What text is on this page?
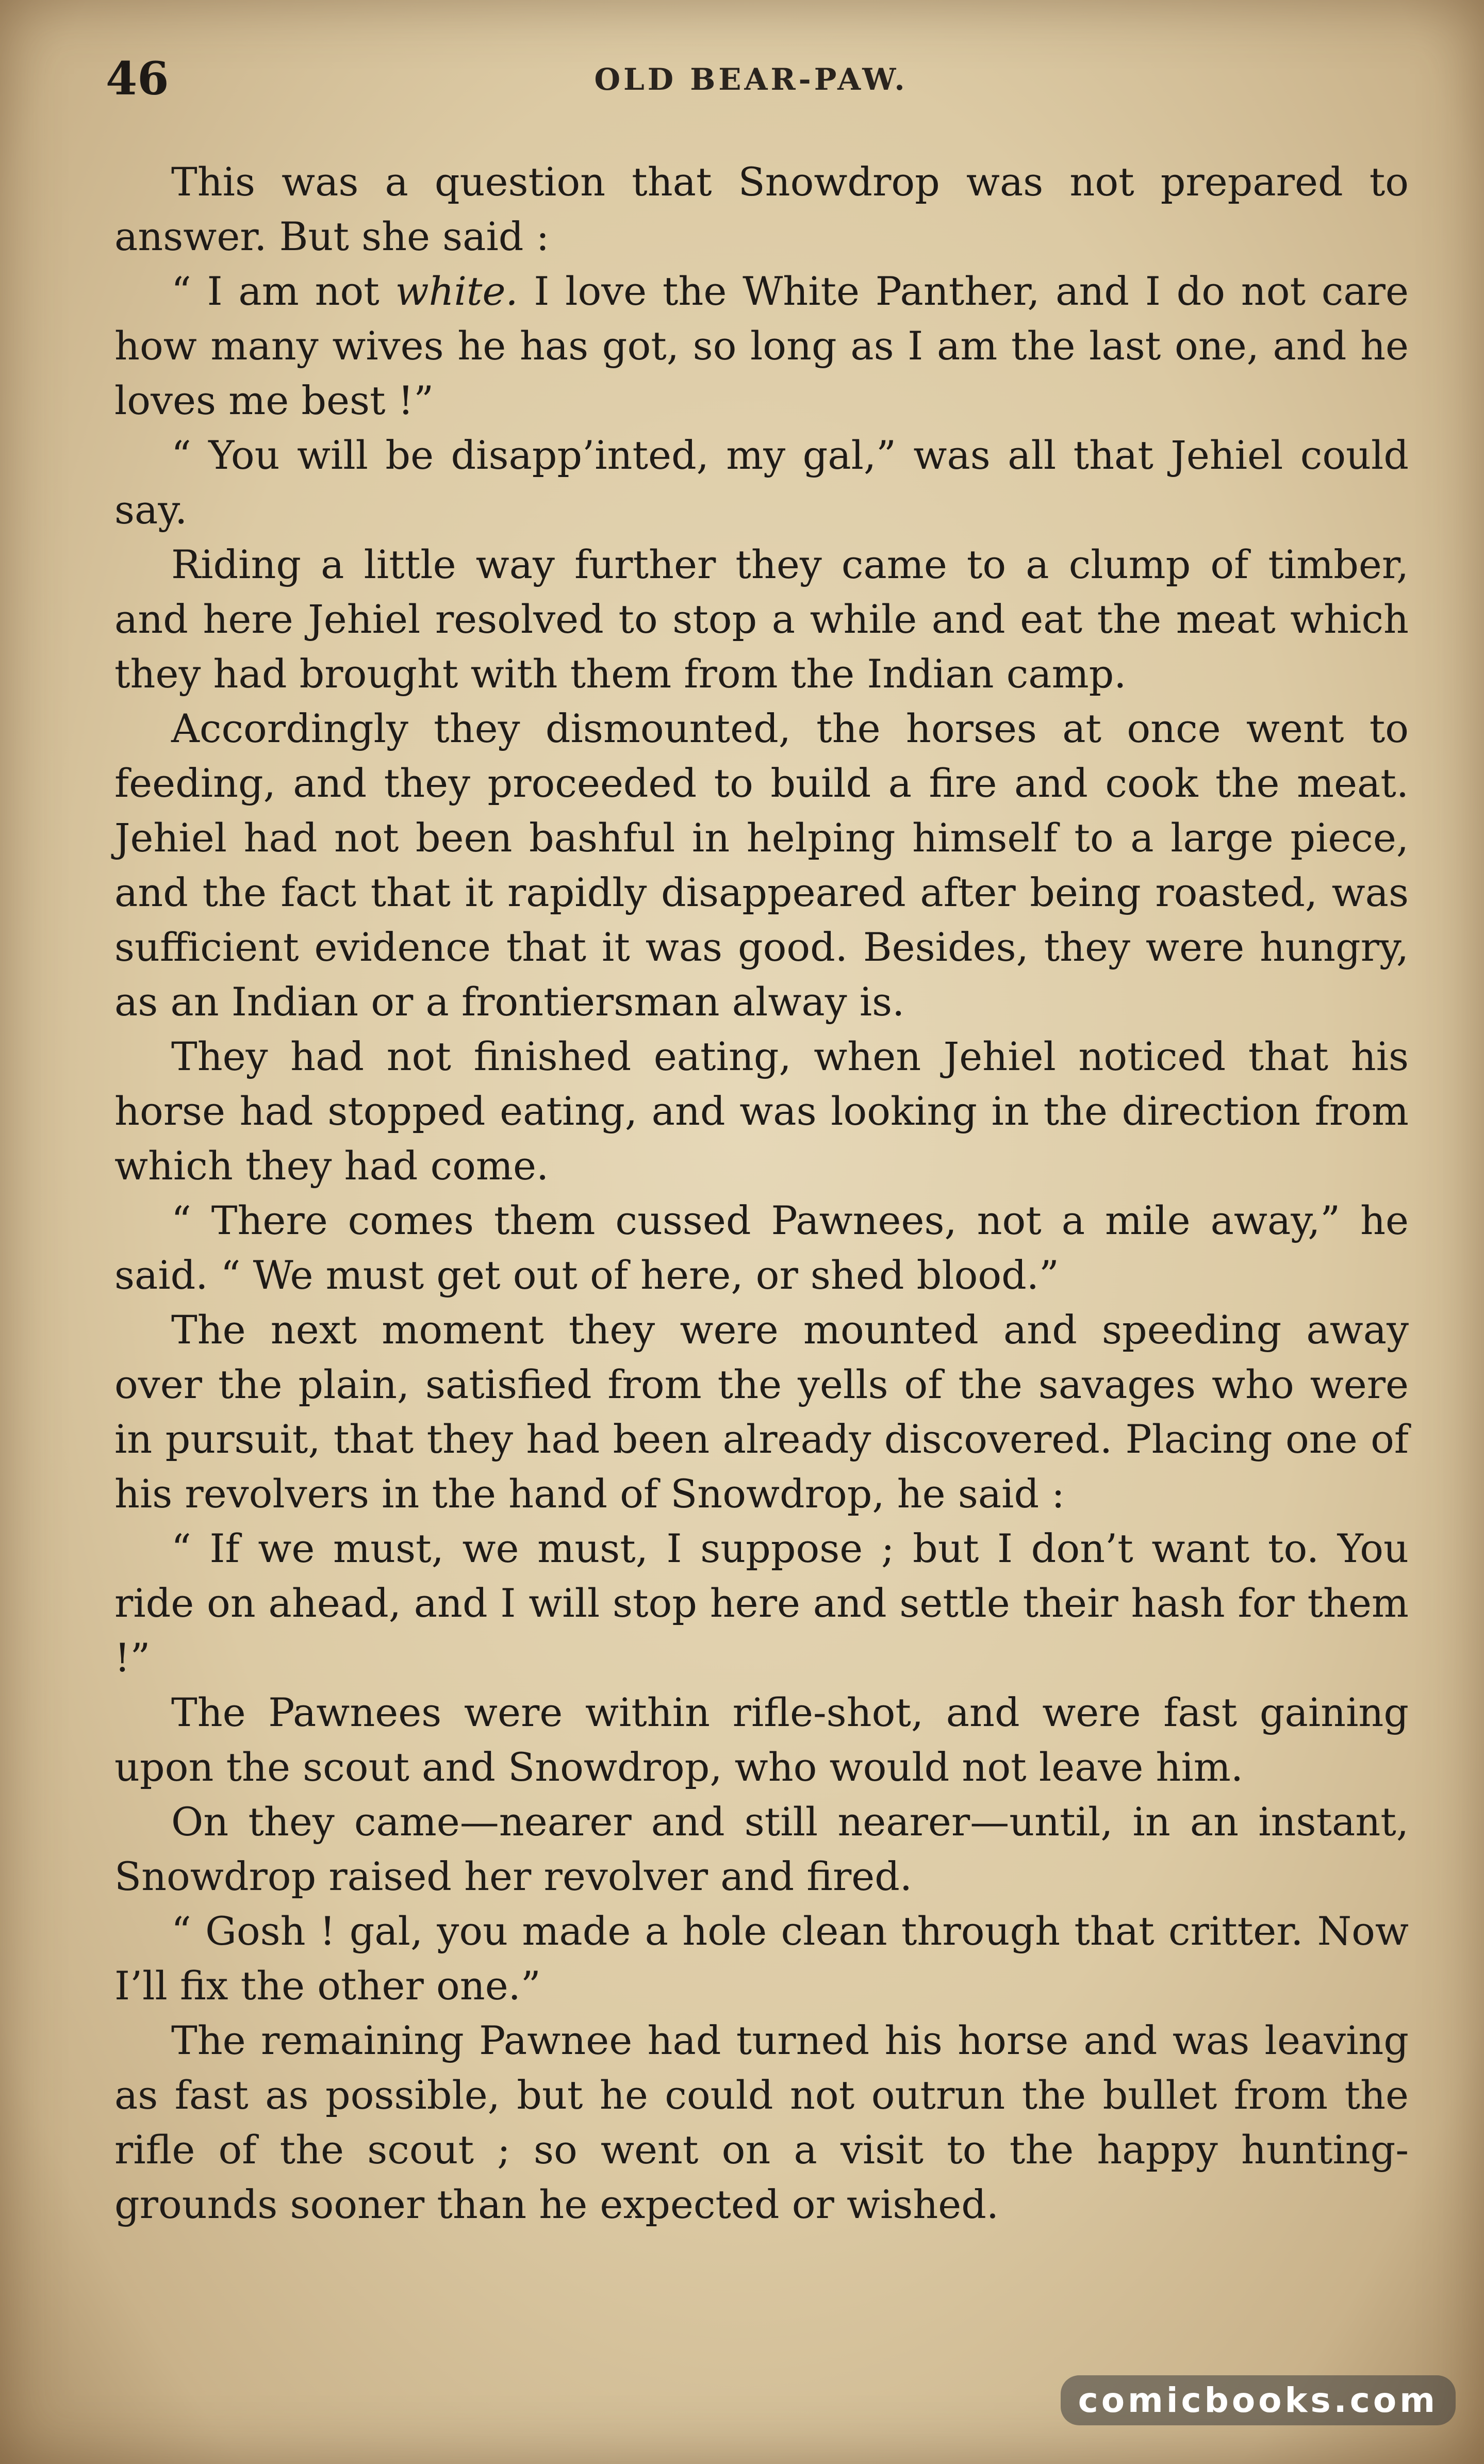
46	OLD BEAR-PAW.

This was a question that Snowdrop was not prepared to answer. But she said :

“ I am not white. I love the White Panther, and I do not care how many wives he has got, so long as I am the last one, and he loves me best !”

“ You will be disapp’inted, my gal,” was all that Jehiel could say.

Riding a little way further they came to a clump of timber, and here Jehiel resolved to stop a while and eat the meat which they had brought with them from the Indian camp.

Accordingly they dismounted, the horses at once went to feeding, and they proceeded to build a fire and cook the meat. Jehiel had not been bashful in helping himself to a large piece, and the fact that it rapidly disappeared after being roasted, was sufficient evidence that it was good. Besides, they were hungry, as an Indian or a frontiersman alway is.

They had not finished eating, when Jehiel noticed that his horse had stopped eating, and was looking in the direction from which they had come.

“ There comes them cussed Pawnees, not a mile away,” he said. “ We must get out of here, or shed blood.”

The next moment they were mounted and speeding away over the plain, satisfied from the yells of the savages who were in pursuit, that they had been already discovered. Placing one of his revolvers in the hand of Snowdrop, he said :

“ If we must, we must, I suppose ; but I don’t want to. You ride on ahead, and I will stop here and settle their hash for them !”

The Pawnees were within rifle-shot, and were fast gaining upon the scout and Snowdrop, who would not leave him.

On they came—nearer and still nearer—until, in an instant, Snowdrop raised her revolver and fired.

“ Gosh ! gal, you made a hole clean through that critter. Now I’ll fix the other one.”

The remaining Pawnee had turned his horse and was leaving as fast as possible, but he could not outrun the bullet from the rifle of the scout ; so went on a visit to the happy hunting-grounds sooner than he expected or wished.

comicbooks.com
